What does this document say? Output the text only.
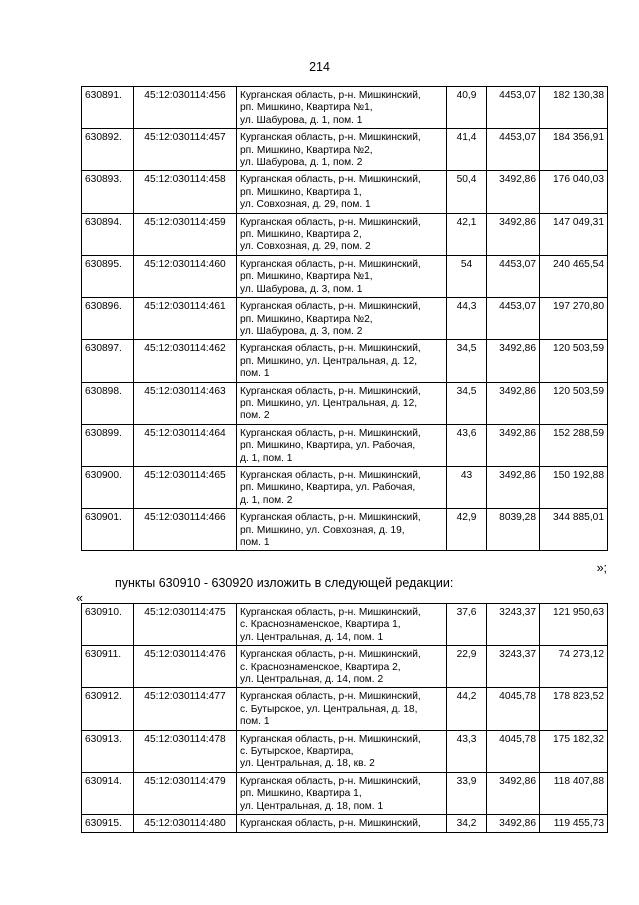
214
630891.	45:12:030114:456	Курганская область, р-н. Мишкинский,
рп. Мишкино, Квартира №1,
ул. Шабурова, д. 1, пом. 1	40,9	4453,07	182 130,38
630892.	45:12:030114:457	Курганская область, р-н. Мишкинский,
рп. Мишкино, Квартира №2,
ул. Шабурова, д. 1, пом. 2	41,4	4453,07	184 356,91
630893.	45:12:030114:458	Курганская область, р-н. Мишкинский,
рп. Мишкино, Квартира 1,
ул. Совхозная, д. 29, пом. 1	50,4	3492,86	176 040,03
630894.	45:12:030114:459	Курганская область, р-н. Мишкинский,
рп. Мишкино, Квартира 2,
ул. Совхозная, д. 29, пом. 2	42,1	3492,86	147 049,31
630895.	45:12:030114:460	Курганская область, р-н. Мишкинский,
рп. Мишкино, Квартира №1,
ул. Шабурова, д. 3, пом. 1	54	4453,07	240 465,54
630896.	45:12:030114:461	Курганская область, р-н. Мишкинский,
рп. Мишкино, Квартира №2,
ул. Шабурова, д. 3, пом. 2	44,3	4453,07	197 270,80
630897.	45:12:030114:462	Курганская область, р-н. Мишкинский,
рп. Мишкино, ул. Центральная, д. 12,
пом. 1	34,5	3492,86	120 503,59
630898.	45:12:030114:463	Курганская область, р-н. Мишкинский,
рп. Мишкино, ул. Центральная, д. 12,
пом. 2	34,5	3492,86	120 503,59
630899.	45:12:030114:464	Курганская область, р-н. Мишкинский,
рп. Мишкино, Квартира, ул. Рабочая,
д. 1, пом. 1	43,6	3492,86	152 288,59
630900.	45:12:030114:465	Курганская область, р-н. Мишкинский,
рп. Мишкино, Квартира, ул. Рабочая,
д. 1, пом. 2	43	3492,86	150 192,88
630901.	45:12:030114:466	Курганская область, р-н. Мишкинский,
рп. Мишкино, ул. Совхозная, д. 19,
пом. 1	42,9	8039,28	344 885,01
»;
пункты 630910 - 630920 изложить в следующей редакции:
«
630910.	45:12:030114:475	Курганская область, р-н. Мишкинский,
с. Краснознаменское, Квартира 1,
ул. Центральная, д. 14, пом. 1	37,6	3243,37	121 950,63
630911.	45:12:030114:476	Курганская область, р-н. Мишкинский,
с. Краснознаменское, Квартира 2,
ул. Центральная, д. 14, пом. 2	22,9	3243,37	74 273,12
630912.	45:12:030114:477	Курганская область, р-н. Мишкинский,
с. Бутырское, ул. Центральная, д. 18,
пом. 1	44,2	4045,78	178 823,52
630913.	45:12:030114:478	Курганская область, р-н. Мишкинский,
с. Бутырское, Квартира,
ул. Центральная, д. 18, кв. 2	43,3	4045,78	175 182,32
630914.	45:12:030114:479	Курганская область, р-н. Мишкинский,
рп. Мишкино, Квартира 1,
ул. Центральная, д. 18, пом. 1	33,9	3492,86	118 407,88
630915.	45:12:030114:480	Курганская область, р-н. Мишкинский,	34,2	3492,86	119 455,73
